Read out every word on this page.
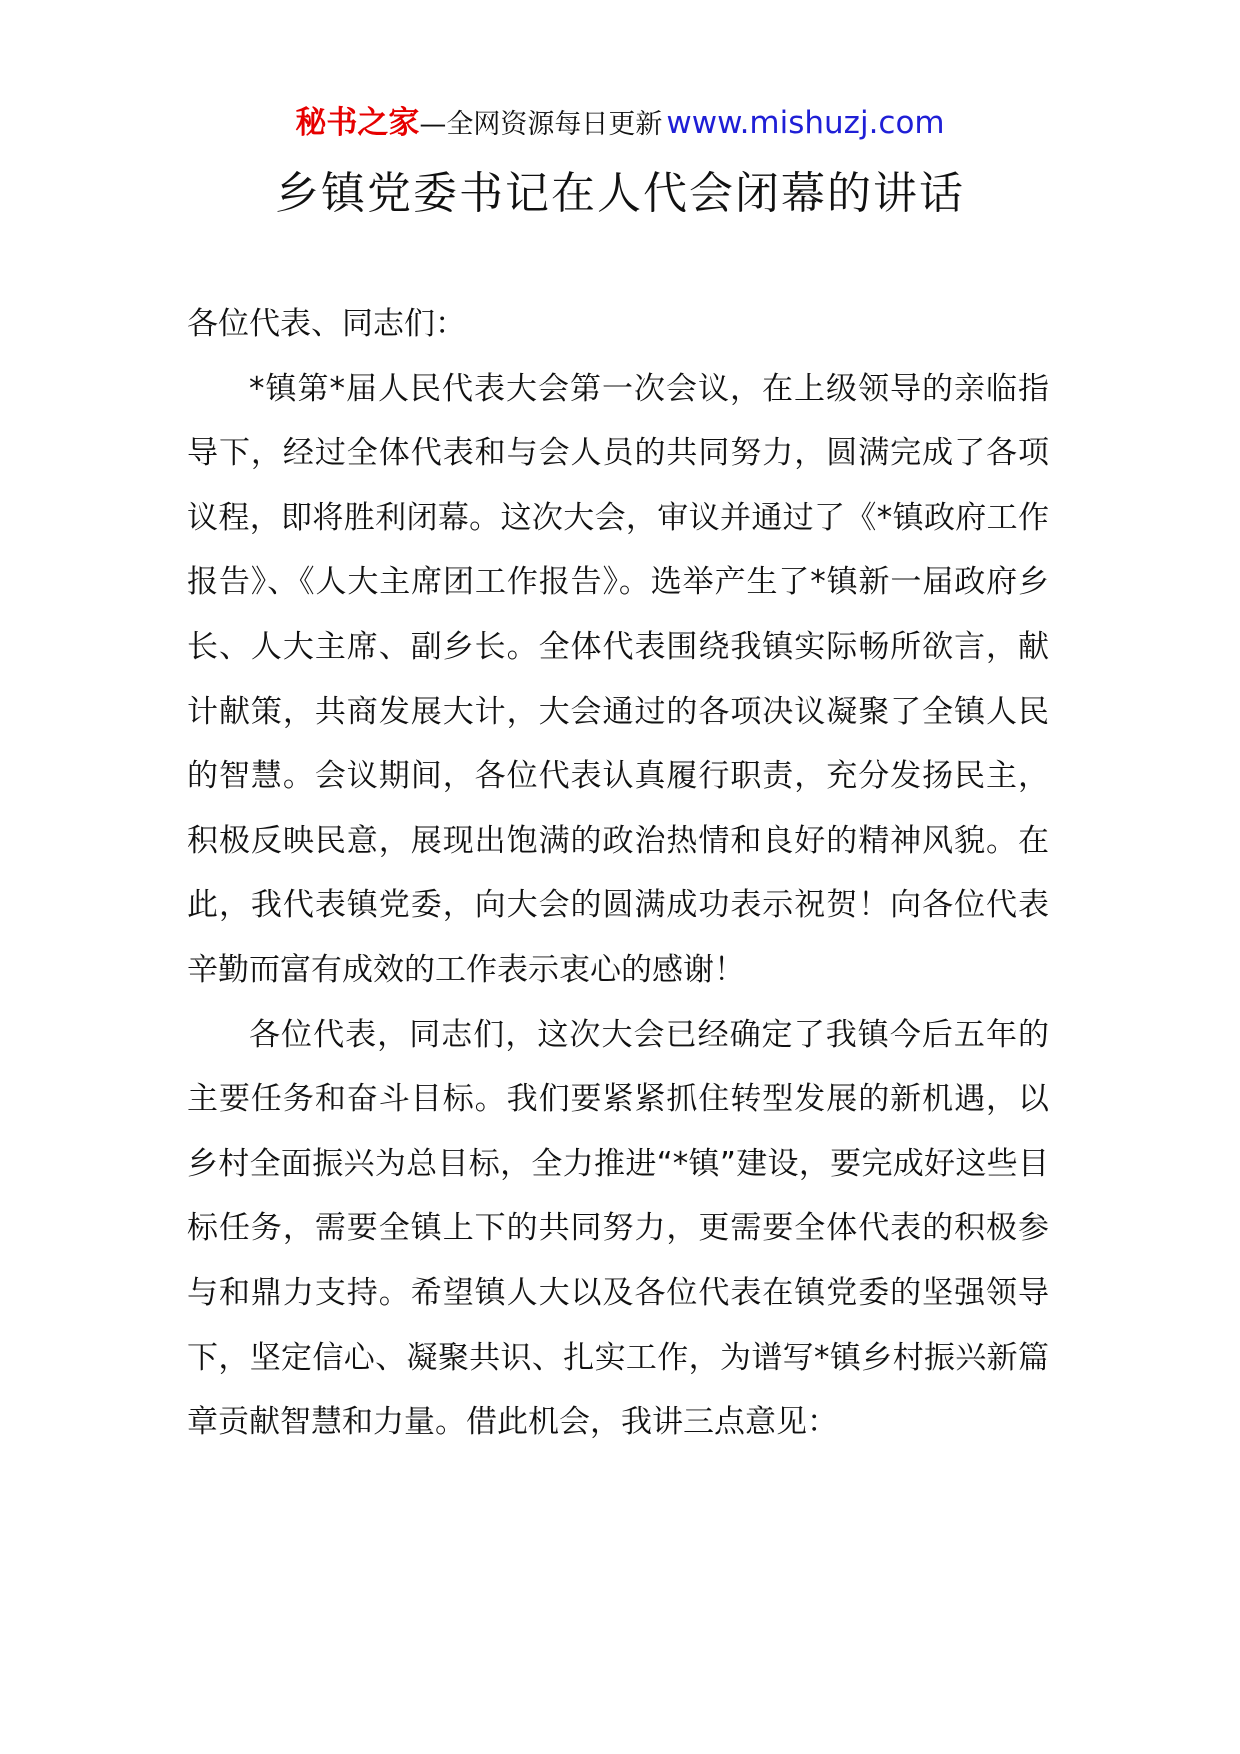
秘书之家—全网资源每日更新 www.mishuzj.com
乡镇党委书记在人代会闭幕的讲话

各位代表、同志们：

*镇第*届人民代表大会第一次会议，在上级领导的亲临指导下，经过全体代表和与会人员的共同努力，圆满完成了各项议程，即将胜利闭幕。这次大会，审议并通过了《*镇政府工作报告》、《人大主席团工作报告》。选举产生了*镇新一届政府乡长、人大主席、副乡长。全体代表围绕我镇实际畅所欲言，献计献策，共商发展大计，大会通过的各项决议凝聚了全镇人民的智慧。会议期间，各位代表认真履行职责，充分发扬民主，积极反映民意，展现出饱满的政治热情和良好的精神风貌。在此，我代表镇党委，向大会的圆满成功表示祝贺！向各位代表辛勤而富有成效的工作表示衷心的感谢！

各位代表，同志们，这次大会已经确定了我镇今后五年的主要任务和奋斗目标。我们要紧紧抓住转型发展的新机遇，以乡村全面振兴为总目标，全力推进“*镇”建设，要完成好这些目标任务，需要全镇上下的共同努力，更需要全体代表的积极参与和鼎力支持。希望镇人大以及各位代表在镇党委的坚强领导下，坚定信心、凝聚共识、扎实工作，为谱写*镇乡村振兴新篇章贡献智慧和力量。借此机会，我讲三点意见：
